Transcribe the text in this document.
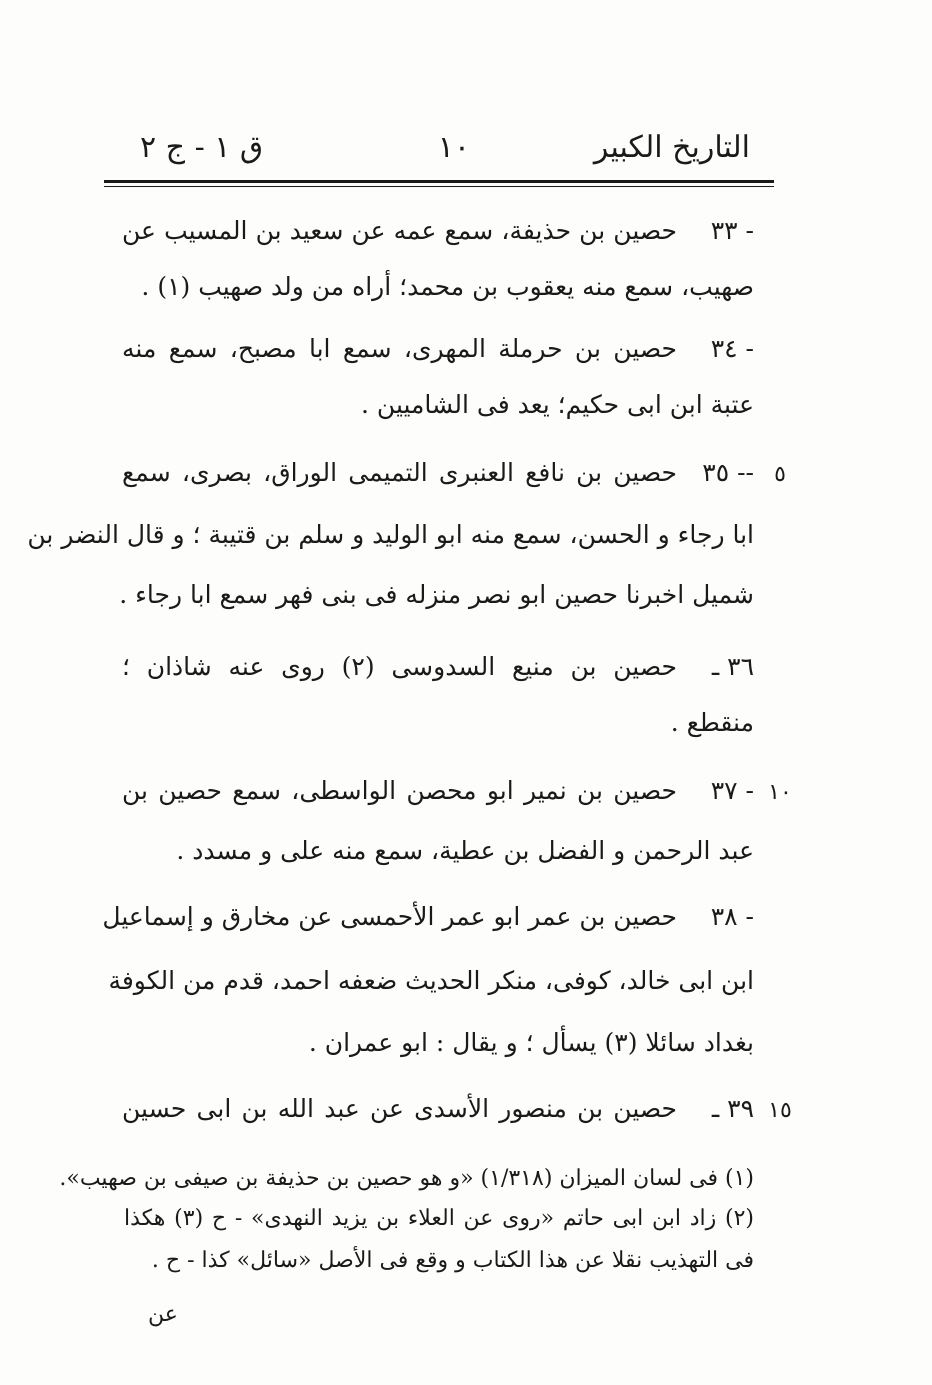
التاريخ الكبير
١٠
ق ١ - ج ٢
٣٣ -
حصين بن حذيفة، سمع عمه عن سعيد بن المسيب عن
صهيب، سمع منه يعقوب بن محمد؛ أراه من ولد صهيب (١) .
٣٤ -
حصين بن حرملة المهرى، سمع ابا مصبح، سمع منه
عتبة ابن ابى حكيم؛ يعد فى الشاميين .
٥
٣٥ --
حصين بن نافع العنبرى التميمى الوراق، بصرى، سمع
ابا رجاء و الحسن، سمع منه ابو الوليد و سلم بن قتيبة ؛ و قال النضر بن
شميل اخبرنا حصين ابو نصر منزله فى بنى فهر سمع ابا رجاء .
٣٦ ـ
حصين بن منيع السدوسى (٢) روى عنه شاذان ؛
منقطع .
١٠
٣٧ -
حصين بن نمير ابو محصن الواسطى، سمع حصين بن
عبد الرحمن و الفضل بن عطية، سمع منه على و مسدد .
٣٨ -
حصين بن عمر ابو عمر الأحمسى عن مخارق و إسماعيل
ابن ابى خالد، كوفى، منكر الحديث ضعفه احمد، قدم من الكوفة
بغداد سائلا (٣) يسأل ؛ و يقال : ابو عمران .
١٥
٣٩ ـ
حصين بن منصور الأسدى عن عبد الله بن ابى حسين
(١) فى لسان الميزان (١/٣١٨) «و هو حصين بن حذيفة بن صيفى بن صهيب».
(٢) زاد ابن ابى حاتم «روى عن العلاء بن يزيد النهدى» - ح (٣) هكذا
فى التهذيب نقلا عن هذا الكتاب و وقع فى الأصل «سائل» كذا - ح .
عن
